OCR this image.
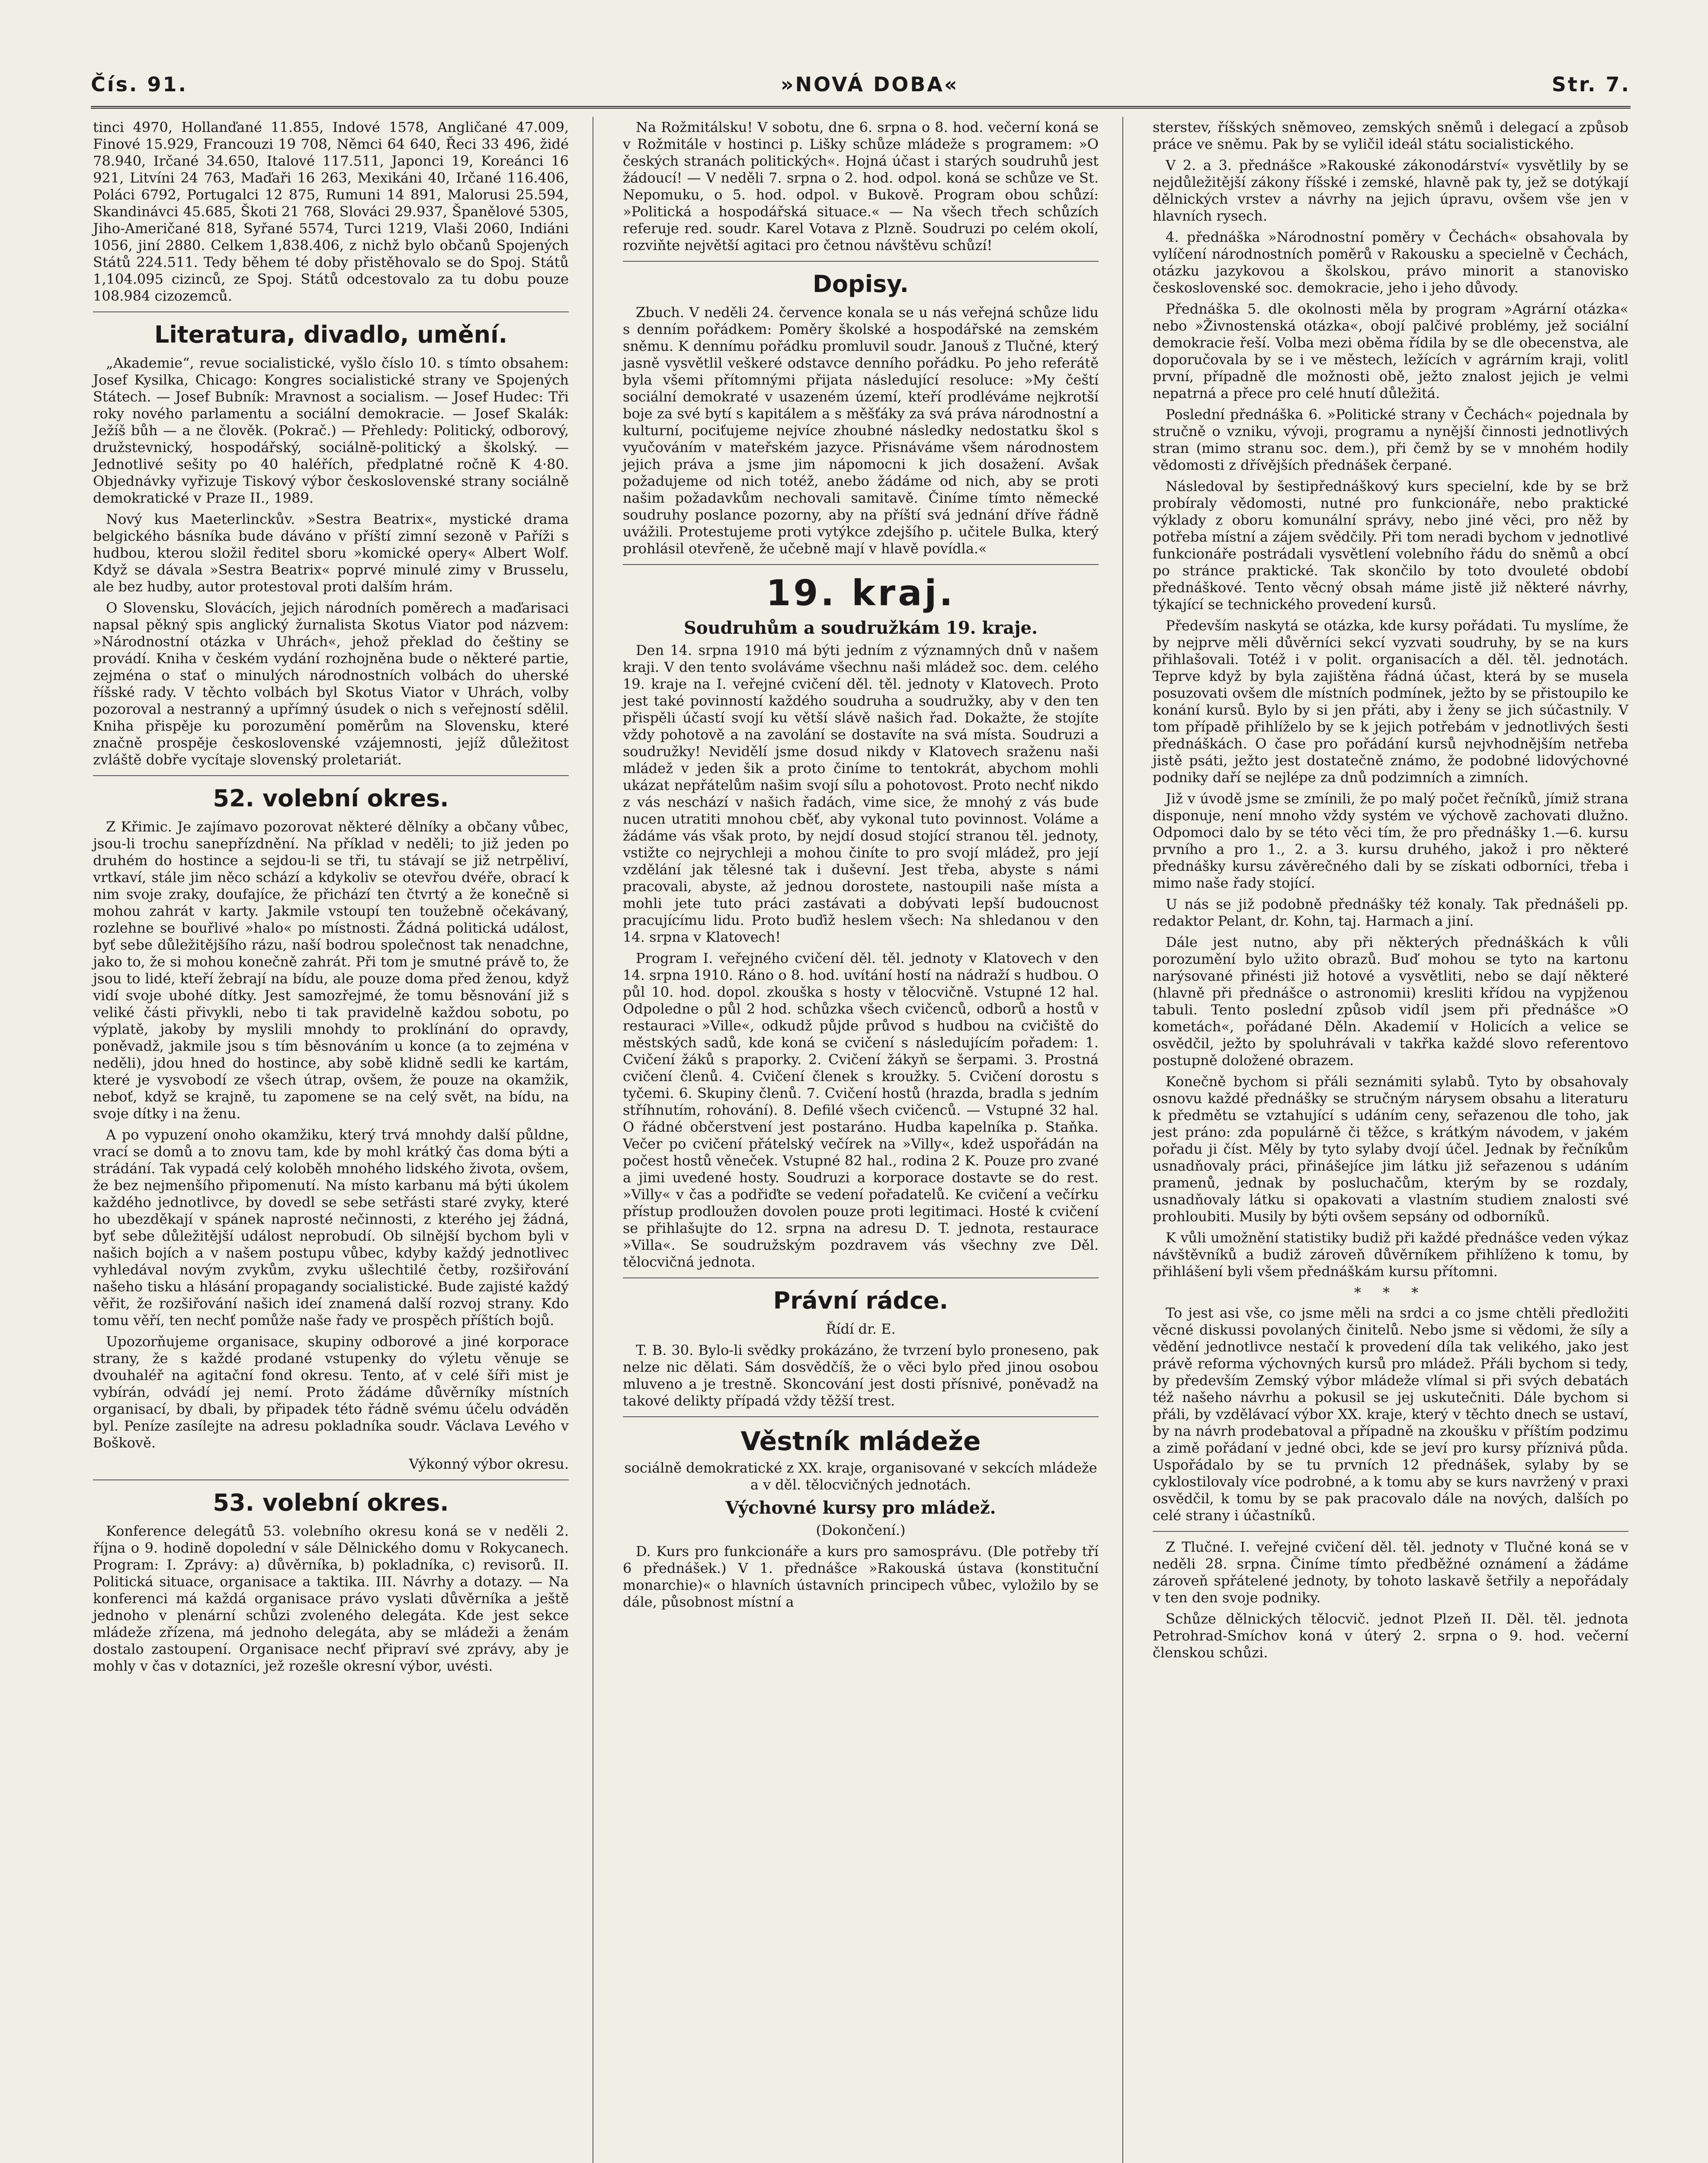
Čís. 91.	»NOVÁ DOBA«	Str. 7.

tinci 4970, Hollanďané 11.855, Indové 1578, Angličané 47.009, Finové 15.929, Francouzi 19 708, Němci 64 640, Řeci 33 496, židé 78.940, Irčané 34.650, Italové 117.511, Japonci 19, Koreánci 16 921, Litvíni 24 763, Maďaři 16 263, Mexikáni 40, Irčané 116.406, Poláci 6792, Portugalci 12 875, Rumuni 14 891, Malorusi 25.594, Skandinávci 45.685, Škoti 21 768, Slováci 29.937, Španělové 5305, Jiho-Američané 818, Syřané 5574, Turci 1219, Vlaši 2060, Indiáni 1056, jiní 2880. Celkem 1,838.406, z nichž bylo občanů Spojených Států 224.511. Tedy během té doby přistěhovalo se do Spoj. Států 1,104.095 cizinců, ze Spoj. Států odcestovalo za tu dobu pouze 108.984 cizozemců.

Literatura, divadlo, umění.

„Akademie“, revue socialistické, vyšlo číslo 10. s tímto obsahem: Josef Kysilka, Chicago: Kongres socialistické strany ve Spojených Státech. — Josef Bubník: Mravnost a socialism. — Josef Hudec: Tři roky nového parlamentu a sociální demokracie. — Josef Skalák: Ježíš bůh — a ne člověk. (Pokrač.) — Přehledy: Politický, odborový, družstevnický, hospodářský, sociálně-politický a školský. — Jednotlivé sešity po 40 haléřích, předplatné ročně K 4·80. Objednávky vyřizuje Tiskový výbor československé strany sociálně demokratické v Praze II., 1989.

Nový kus Maeterlinckův. »Sestra Beatrix«, mystické drama belgického básníka bude dáváno v příští zimní sezoně v Paříži s hudbou, kterou složil ředitel sboru »komické opery« Albert Wolf. Když se dávala »Sestra Beatrix« poprvé minulé zimy v Brusselu, ale bez hudby, autor protestoval proti dalším hrám.

O Slovensku, Slovácích, jejich národních poměrech a maďarisaci napsal pěkný spis anglický žurnalista Skotus Viator pod názvem: »Národnostní otázka v Uhrách«, jehož překlad do češtiny se provádí. Kniha v českém vydání rozhojněna bude o některé partie, zejména o stať o minulých národnostních volbách do uherské říšské rady. V těchto volbách byl Skotus Viator v Uhrách, volby pozoroval a nestranný a upřímný úsudek o nich s veřejností sdělil. Kniha přispěje ku porozumění poměrům na Slovensku, které značně prospěje československé vzájemnosti, jejíž důležitost zvláště dobře vycítaje slovenský proletariát.

52. volební okres.

Z Křimic. Je zajímavo pozorovat některé dělníky a občany vůbec, jsou-li trochu sanepřízdnění. Na příklad v neděli; to již jeden po druhém do hostince a sejdou-li se tři, tu stávají se již netrpěliví, vrtkaví, stále jim něco schází a kdykoliv se otevřou dvéře, obrací k nim svoje zraky, doufajíce, že přichází ten čtvrtý a že konečně si mohou zahrát v karty. Jakmile vstoupí ten toužebně očekávaný, rozlehne se bouřlivé »halo« po místnosti. Žádná politická událost, byť sebe důležitějšího rázu, naší bodrou společnost tak nenadchne, jako to, že si mohou konečně zahrát. Při tom je smutné právě to, že jsou to lidé, kteří žebrají na bídu, ale pouze doma před ženou, když vidí svoje ubohé dítky. Jest samozřejmé, že tomu běsnování již s veliké části přivykli, nebo ti tak pravidelně každou sobotu, po výplatě, jakoby by myslili mnohdy to proklínání do opravdy, poněvadž, jakmile jsou s tím běsnováním u konce (a to zejména v neděli), jdou hned do hostince, aby sobě klidně sedli ke kartám, které je vysvobodí ze všech útrap, ovšem, že pouze na okamžik, neboť, když se krajně, tu zapomene se na celý svět, na bídu, na svoje dítky i na ženu.

A po vypuzení onoho okamžiku, který trvá mnohdy další půldne, vrací se domů a to znovu tam, kde by mohl krátký čas doma býti a strádání. Tak vypadá celý koloběh mnohého lidského života, ovšem, že bez nejmenšího připomenutí. Na místo karbanu má býti úkolem každého jednotlivce, by dovedl se sebe setřásti staré zvyky, které ho ubezděkají v spánek naprosté nečinnosti, z kterého jej žádná, byť sebe důležitější událost neprobudí. Ob silnější bychom byli v našich bojích a v našem postupu vůbec, kdyby každý jednotlivec vyhledával novým zvykům, zvyku ušlechtilé četby, rozšiřování našeho tisku a hlásání propagandy socialistické. Bude zajisté každý věřit, že rozšiřování našich ideí znamená další rozvoj strany. Kdo tomu věří, ten nechť pomůže naše řady ve prospěch příštích bojů.

Upozorňujeme organisace, skupiny odborové a jiné korporace strany, že s každé prodané vstupenky do výletu věnuje se dvouhaléř na agitační fond okresu. Tento, ať v celé šíři mist je vybírán, odvádí jej nemí. Proto žádáme důvěrníky místních organisací, by dbali, by připadek této řádně svému účelu odváděn byl. Peníze zasílejte na adresu pokladníka soudr. Václava Levého v Boškově.

Výkonný výbor okresu.
53. volební okres.

Konference delegátů 53. volebního okresu koná se v neděli 2. října o 9. hodině dopolední v sále Dělnického domu v Rokycanech. Program: I. Zprávy: a) důvěrníka, b) pokladníka, c) revisorů. II. Politická situace, organisace a taktika. III. Návrhy a dotazy. — Na konferenci má každá organisace právo vyslati důvěrníka a ještě jednoho v plenární schůzi zvoleného delegáta. Kde jest sekce mládeže zřízena, má jednoho delegáta, aby se mládeži a ženám dostalo zastoupení. Organisace nechť připraví své zprávy, aby je mohly v čas v dotazníci, jež rozešle okresní výbor, uvésti.

Na Rožmitálsku! V sobotu, dne 6. srpna o 8. hod. večerní koná se v Rožmitále v hostinci p. Lišky schůze mládeže s programem: »O českých stranách politických«. Hojná účast i starých soudruhů jest žádoucí! — V neděli 7. srpna o 2. hod. odpol. koná se schůze ve St. Nepomuku, o 5. hod. odpol. v Bukově. Program obou schůzí: »Politická a hospodářská situace.« — Na všech třech schůzích referuje red. soudr. Karel Votava z Plzně. Soudruzi po celém okolí, rozviňte největší agitaci pro četnou návštěvu schůzí!

Dopisy.

Zbuch. V neděli 24. července konala se u nás veřejná schůze lidu s denním pořádkem: Poměry školské a hospodářské na zemském sněmu. K dennímu pořádku promluvil soudr. Janouš z Tlučné, který jasně vysvětlil veškeré odstavce denního pořádku. Po jeho referátě byla všemi přítomnými přijata následující resoluce: »My čeští sociální demokraté v usazeném území, kteří prodléváme nejkrotší boje za své bytí s kapitálem a s měšťáky za svá práva národnostní a kulturní, pociťujeme nejvíce zhoubné následky nedostatku škol s vyučováním v mateřském jazyce. Přisnáváme všem národnostem jejich práva a jsme jim nápomocni k jich dosažení. Avšak požadujeme od nich totéž, anebo žádáme od nich, aby se proti našim požadavkům nechovali samitavě. Činíme tímto německé soudruhy poslance pozorny, aby na příští svá jednání dříve řádně uvážili. Protestujeme proti vytýkce zdejšího p. učitele Bulka, který prohlásil otevřeně, že učebně mají v hlavě povídla.«

19. kraj.
Soudruhům a soudružkám 19. kraje.

Den 14. srpna 1910 má býti jedním z významných dnů v našem kraji. V den tento svoláváme všechnu naši mládež soc. dem. celého 19. kraje na I. veřejné cvičení děl. těl. jednoty v Klatovech. Proto jest také povinností každého soudruha a soudružky, aby v den ten přispěli účastí svojí ku větší slávě našich řad. Dokažte, že stojíte vždy pohotově a na zavolání se dostavíte na svá místa. Soudruzi a soudružky! Nevidělí jsme dosud nikdy v Klatovech sraženu naši mládež v jeden šik a proto činíme to tentokrát, abychom mohli ukázat nepřátelům našim svojí sílu a pohotovost. Proto nechť nikdo z vás neschází v našich řadách, vime sice, že mnohý z vás bude nucen utratiti mnohou cběť, aby vykonal tuto povinnost. Voláme a žádáme vás však proto, by nejdí dosud stojící stranou těl. jednoty, vstižte co nejrychleji a mohou činíte to pro svojí mládež, pro její vzdělání jak tělesné tak i duševní. Jest třeba, abyste s námi pracovali, abyste, až jednou dorostete, nastoupili naše místa a mohli jete tuto práci zastávati a dobývati lepší budoucnost pracujícímu lidu. Proto buďiž heslem všech: Na shledanou v den 14. srpna v Klatovech!

Program I. veřejného cvičení děl. těl. jednoty v Klatovech v den 14. srpna 1910. Ráno o 8. hod. uvítání hostí na nádraží s hudbou. O půl 10. hod. dopol. zkouška s hosty v tělocvičně. Vstupné 12 hal. Odpoledne o půl 2 hod. schůzka všech cvičenců, odborů a hostů v restauraci »Ville«, odkudž půjde průvod s hudbou na cvičiště do městských sadů, kde koná se cvičení s následujícím pořadem: 1. Cvičení žáků s praporky. 2. Cvičení žákyň se šerpami. 3. Prostná cvičení členů. 4. Cvičení členek s kroužky. 5. Cvičení dorostu s tyčemi. 6. Skupiny členů. 7. Cvičení hostů (hrazda, bradla s jedním stříhnutím, rohování). 8. Defilé všech cvičenců. — Vstupné 32 hal. O řádné občerstvení jest postaráno. Hudba kapelníka p. Staňka. Večer po cvičení přátelský večírek na »Villy«, kdež uspořádán na počest hostů věneček. Vstupné 82 hal., rodina 2 K. Pouze pro zvané a jimi uvedené hosty. Soudruzi a korporace dostavte se do rest. »Villy« v čas a podřiďte se vedení pořadatelů. Ke cvičení a večírku přístup prodloužen dovolen pouze proti legitimaci. Hosté k cvičení se přihlašujte do 12. srpna na adresu D. T. jednota, restaurace »Villa«. Se soudružským pozdravem vás všechny zve Děl. tělocvičná jednota.

Právní rádce.
Řídí dr. E.

T. B. 30. Bylo-li svědky prokázáno, že tvrzení bylo proneseno, pak nelze nic dělati. Sám dosvědčíš, že o věci bylo před jinou osobou mluveno a je trestně. Skoncování jest dosti přísnivé, poněvadž na takové delikty případá vždy těžší trest.

Věstník mládeže
sociálně demokratické z XX. kraje, organisované v sekcích mládeže a v děl. tělocvičných jednotách.
Výchovné kursy pro mládež.
(Dokončení.)

D. Kurs pro funkcionáře a kurs pro samosprávu. (Dle potřeby tří 6 přednášek.) V 1. přednášce »Rakouská ústava (konstituční monarchie)« o hlavních ústavních principech vůbec, vyložilo by se dále, působnost místní a

sterstev, říšských sněmoveo, zemských sněmů i delegací a způsob práce ve sněmu. Pak by se vyličil ideál státu socialistického.

V 2. a 3. přednášce »Rakouské zákonodárství« vysvětlily by se nejdůležitější zákony říšské i zemské, hlavně pak ty, jež se dotýkají dělnických vrstev a návrhy na jejich úpravu, ovšem vše jen v hlavních rysech.

4. přednáška »Národnostní poměry v Čechách« obsahovala by vylíčení národnostních poměrů v Rakousku a specielně v Čechách, otázku jazykovou a školskou, právo minorit a stanovisko československé soc. demokracie, jeho i jeho důvody.

Přednáška 5. dle okolnosti měla by program »Agrární otázka« nebo »Živnostenská otázka«, obojí palčivé problémy, jež sociální demokracie řeší. Volba mezi oběma řídila by se dle obecenstva, ale doporučovala by se i ve městech, ležících v agrárním kraji, volitl první, případně dle možnosti obě, ježto znalost jejich je velmi nepatrná a přece pro celé hnutí důležitá.

Poslední přednáška 6. »Politické strany v Čechách« pojednala by stručně o vzniku, vývoji, programu a nynější činnosti jednotlivých stran (mimo stranu soc. dem.), při čemž by se v mnohém hodily vědomosti z dřívějších přednášek čerpané.

Následoval by šestipřednáškový kurs specielní, kde by se brž probíraly vědomosti, nutné pro funkcionáře, nebo praktické výklady z oboru komunální správy, nebo jiné věci, pro něž by potřeba místní a zájem svědčily. Při tom neradi bychom v jednotlivé funkcionáře postrádali vysvětlení volebního řádu do sněmů a obcí po stránce praktické. Tak skončilo by toto dvouleté období přednáškové. Tento věcný obsah máme jistě již některé návrhy, týkající se technického provedení kursů.

Především naskytá se otázka, kde kursy pořádati. Tu myslíme, že by nejprve měli důvěrníci sekcí vyzvati soudruhy, by se na kurs přihlašovali. Totéž i v polit. organisacích a děl. těl. jednotách. Teprve když by byla zajištěna řádná účast, která by se musela posuzovati ovšem dle místních podmínek, ježto by se přistoupilo ke konání kursů. Bylo by si jen přáti, aby i ženy se jich súčastnily. V tom případě přihlíželo by se k jejich potřebám v jednotlivých šesti přednáškách. O čase pro pořádání kursů nejvhodnějším netřeba jistě psáti, ježto jest dostatečně známo, že podobné lidovýchovné podniky daří se nejlépe za dnů podzimních a zimních.

Již v úvodě jsme se zmínili, že po malý počet řečníků, jímiž strana disponuje, není mnoho vždy systém ve výchově zachovati dlužno. Odpomoci dalo by se této věci tím, že pro přednášky 1.—6. kursu prvního a pro 1., 2. a 3. kursu druhého, jakož i pro některé přednášky kursu závěrečného dali by se získati odborníci, třeba i mimo naše řady stojící.

U nás se již podobně přednášky též konaly. Tak přednášeli pp. redaktor Pelant, dr. Kohn, taj. Harmach a jiní.

Dále jest nutno, aby při některých přednáškách k vůli porozumění bylo užito obrazů. Buď mohou se tyto na kartonu narýsované přinésti již hotové a vysvětliti, nebo se dají některé (hlavně při přednášce o astronomii) kresliti křídou na vypjženou tabuli. Tento poslední způsob vidíl jsem při přednášce »O kometách«, pořádané Děln. Akademií v Holicích a velice se osvědčil, ježto by spoluhrávali v takřka každé slovo referentovo postupně doložené obrazem.

Konečně bychom si přáli seznámiti sylabů. Tyto by obsahovaly osnovu každé přednášky se stručným nárysem obsahu a literaturu k předmětu se vztahující s udáním ceny, seřazenou dle toho, jak jest práno: zda populárně či těžce, s krátkým návodem, v jakém pořadu ji číst. Měly by tyto sylaby dvojí účel. Jednak by řečníkům usnadňovaly práci, přinášejíce jim látku již seřazenou s udáním pramenů, jednak by posluchačům, kterým by se rozdaly, usnadňovaly látku si opakovati a vlastním studiem znalosti své prohloubiti. Musily by býti ovšem sepsány od odborníků.

K vůli umožnění statistiky budiž při každé přednášce veden výkaz návštěvníků a budiž zároveň důvěrníkem přihlíženo k tomu, by přihlášení byli všem přednáškám kursu přítomni.

* * *

To jest asi vše, co jsme měli na srdci a co jsme chtěli předložiti věcné diskussi povolaných činitelů. Nebo jsme si vědomi, že síly a vědění jednotlivce nestačí k provedení díla tak velikého, jako jest právě reforma výchovných kursů pro mládež. Přáli bychom si tedy, by především Zemský výbor mládeže vlímal si při svých debatách též našeho návrhu a pokusil se jej uskutečniti. Dále bychom si přáli, by vzdělávací výbor XX. kraje, který v těchto dnech se ustaví, by na návrh prodebatoval a případně na zkoušku v příštím podzimu a zimě pořádaní v jedné obci, kde se jeví pro kursy příznivá půda. Uspořádalo by se tu prvních 12 přednášek, sylaby by se cyklostilovaly více podrobné, a k tomu aby se kurs navržený v praxi osvědčil, k tomu by se pak pracovalo dále na nových, dalších po celé strany i účastníků.

Z Tlučné. I. veřejné cvičení děl. těl. jednoty v Tlučné koná se v neděli 28. srpna. Činíme tímto předběžné oznámení a žádáme zároveň spřátelené jednoty, by tohoto laskavě šetřily a nepořádaly v ten den svoje podniky.

Schůze dělnických tělocvič. jednot Plzeň II. Děl. těl. jednota Petrohrad-Smíchov koná v úterý 2. srpna o 9. hod. večerní členskou schůzi.
